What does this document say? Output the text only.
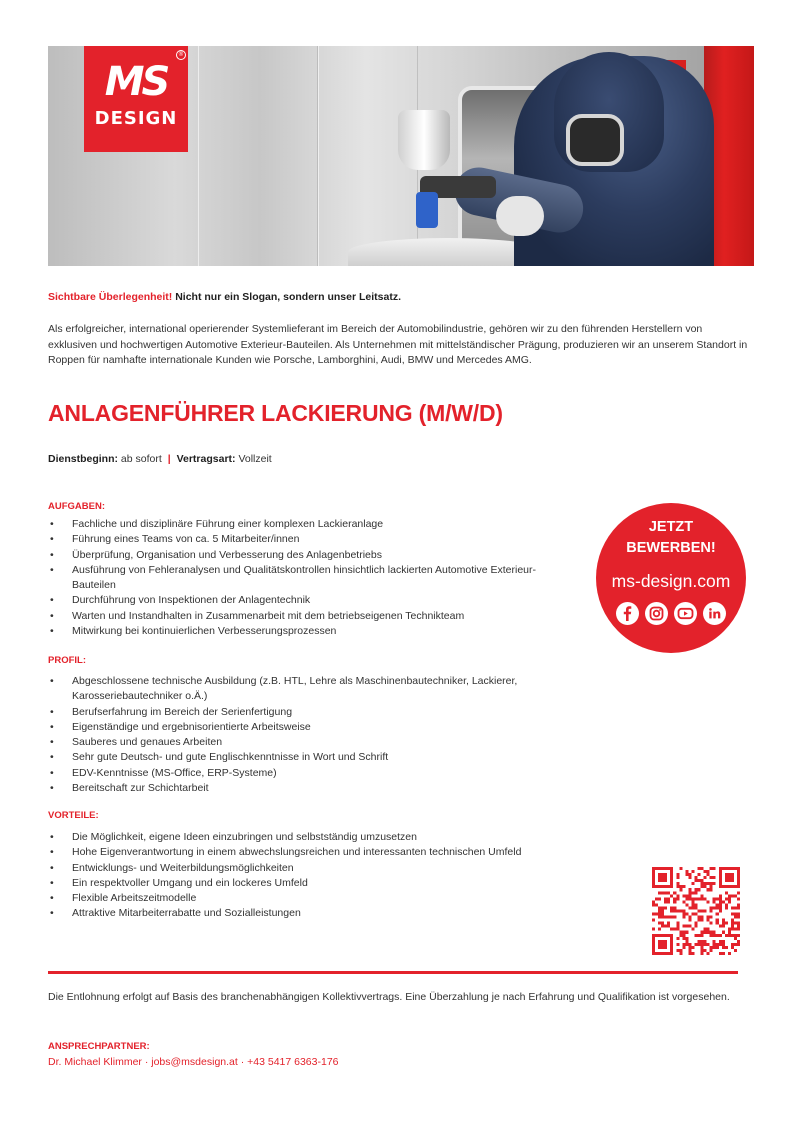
MS
DESIGN
®
Sichtbare Überlegenheit! Nicht nur ein Slogan, sondern unser Leitsatz.

Als erfolgreicher, international operierender Systemlieferant im Bereich der Automobilindustrie, gehören wir zu den führenden Herstellern von exklusiven und hochwertigen Automotive Exterieur-Bauteilen. Als Unternehmen mit mittelständischer Prägung, produzieren wir an unserem Standort in Roppen für namhafte internationale Kunden wie Porsche, Lamborghini, Audi, BMW und Mercedes AMG.

ANLAGENFÜHRER LACKIERUNG (M/W/D)
Dienstbeginn: ab sofort | Vertragsart: Vollzeit
AUFGABEN:
• Fachliche und disziplinäre Führung einer komplexen Lackieranlage
• Führung eines Teams von ca. 5 Mitarbeiter/innen
• Überprüfung, Organisation und Verbesserung des Anlagenbetriebs
• Ausführung von Fehleranalysen und Qualitätskontrollen hinsichtlich lackierten Automotive Exterieur-Bauteilen
• Durchführung von Inspektionen der Anlagentechnik
• Warten und Instandhalten in Zusammenarbeit mit dem betriebseigenen Technikteam
• Mitwirkung bei kontinuierlichen Verbesserungsprozessen
PROFIL:
• Abgeschlossene technische Ausbildung (z.B. HTL, Lehre als Maschinenbautechniker, Lackierer, Karosseriebautechniker o.Ä.)
• Berufserfahrung im Bereich der Serienfertigung
• Eigenständige und ergebnisorientierte Arbeitsweise
• Sauberes und genaues Arbeiten
• Sehr gute Deutsch- und gute Englischkenntnisse in Wort und Schrift
• EDV-Kenntnisse (MS-Office, ERP-Systeme)
• Bereitschaft zur Schichtarbeit
VORTEILE:
• Die Möglichkeit, eigene Ideen einzubringen und selbstständig umzusetzen
• Hohe Eigenverantwortung in einem abwechslungsreichen und interessanten technischen Umfeld
• Entwicklungs- und Weiterbildungsmöglichkeiten
• Ein respektvoller Umgang und ein lockeres Umfeld
• Flexible Arbeitszeitmodelle
• Attraktive Mitarbeiterrabatte und Sozialleistungen
JETZT
BEWERBEN!
ms-design.com

Die Entlohnung erfolgt auf Basis des branchenabhängigen Kollektivvertrags. Eine Überzahlung je nach Erfahrung und Qualifikation ist vorgesehen.

ANSPRECHPARTNER:
Dr. Michael Klimmer · jobs@msdesign.at · +43 5417 6363-176
